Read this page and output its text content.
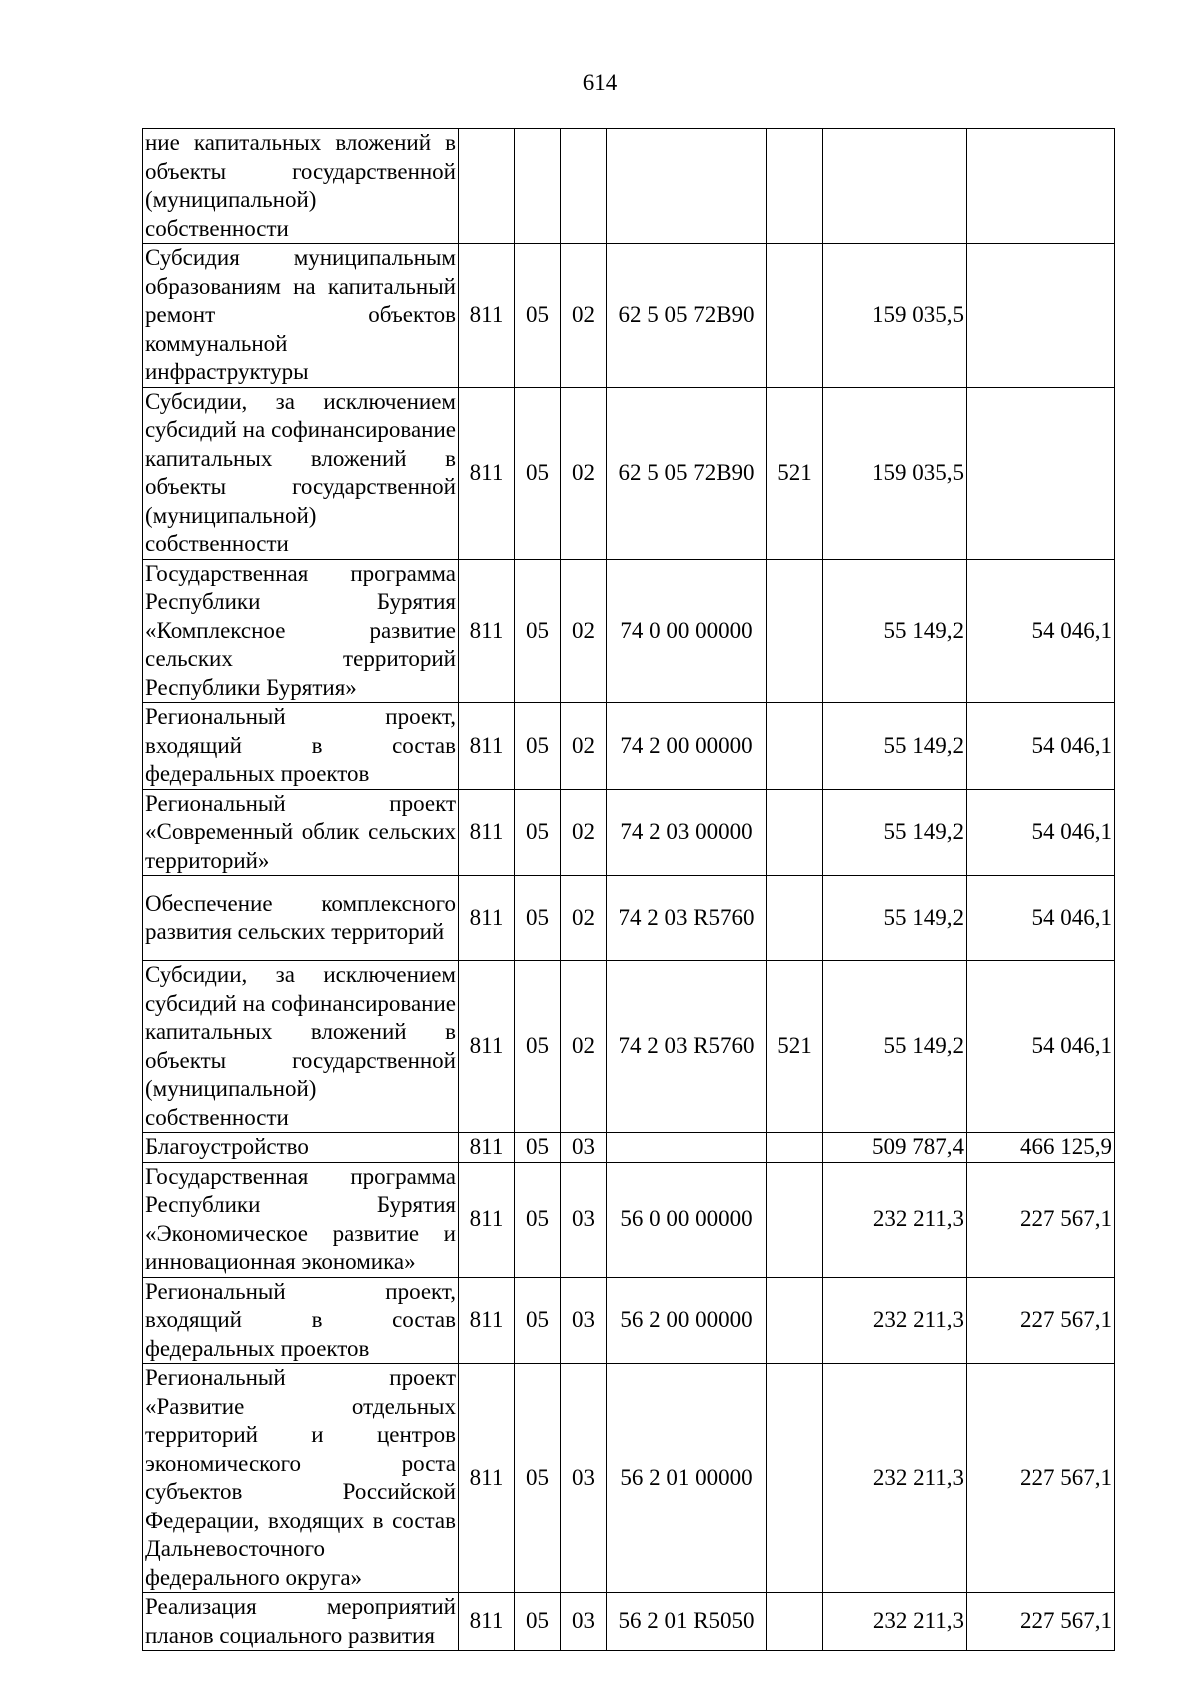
614
ние капитальных вложений в объекты государственной (муниципальной) собственности							
Субсидия муниципальным образованиям на капитальный ремонт объектов коммунальной инфраструктуры	811	05	02	62 5 05 72В90		159 035,5	
Субсидии, за исключением субсидий на софинансирование капитальных вложений в объекты государственной (муниципальной) собственности	811	05	02	62 5 05 72В90	521	159 035,5	
Государственная программа Республики Бурятия «Комплексное развитие сельских территорий Республики Бурятия»	811	05	02	74 0 00 00000		55 149,2	54 046,1
Региональный проект, входящий в состав федеральных проектов	811	05	02	74 2 00 00000		55 149,2	54 046,1
Региональный проект «Современный облик сельских территорий»	811	05	02	74 2 03 00000		55 149,2	54 046,1
Обеспечение комплексного развития сельских территорий	811	05	02	74 2 03 R5760		55 149,2	54 046,1
Субсидии, за исключением субсидий на софинансирование капитальных вложений в объекты государственной (муниципальной) собственности	811	05	02	74 2 03 R5760	521	55 149,2	54 046,1
Благоустройство	811	05	03			509 787,4	466 125,9
Государственная программа Республики Бурятия «Экономическое развитие и инновационная экономика»	811	05	03	56 0 00 00000		232 211,3	227 567,1
Региональный проект, входящий в состав федеральных проектов	811	05	03	56 2 00 00000		232 211,3	227 567,1
Региональный проект «Развитие отдельных территорий и центров экономического роста субъектов Российской Федерации, входящих в состав Дальневосточного федерального округа»	811	05	03	56 2 01 00000		232 211,3	227 567,1
Реализация мероприятий планов социального развития	811	05	03	56 2 01 R5050		232 211,3	227 567,1
